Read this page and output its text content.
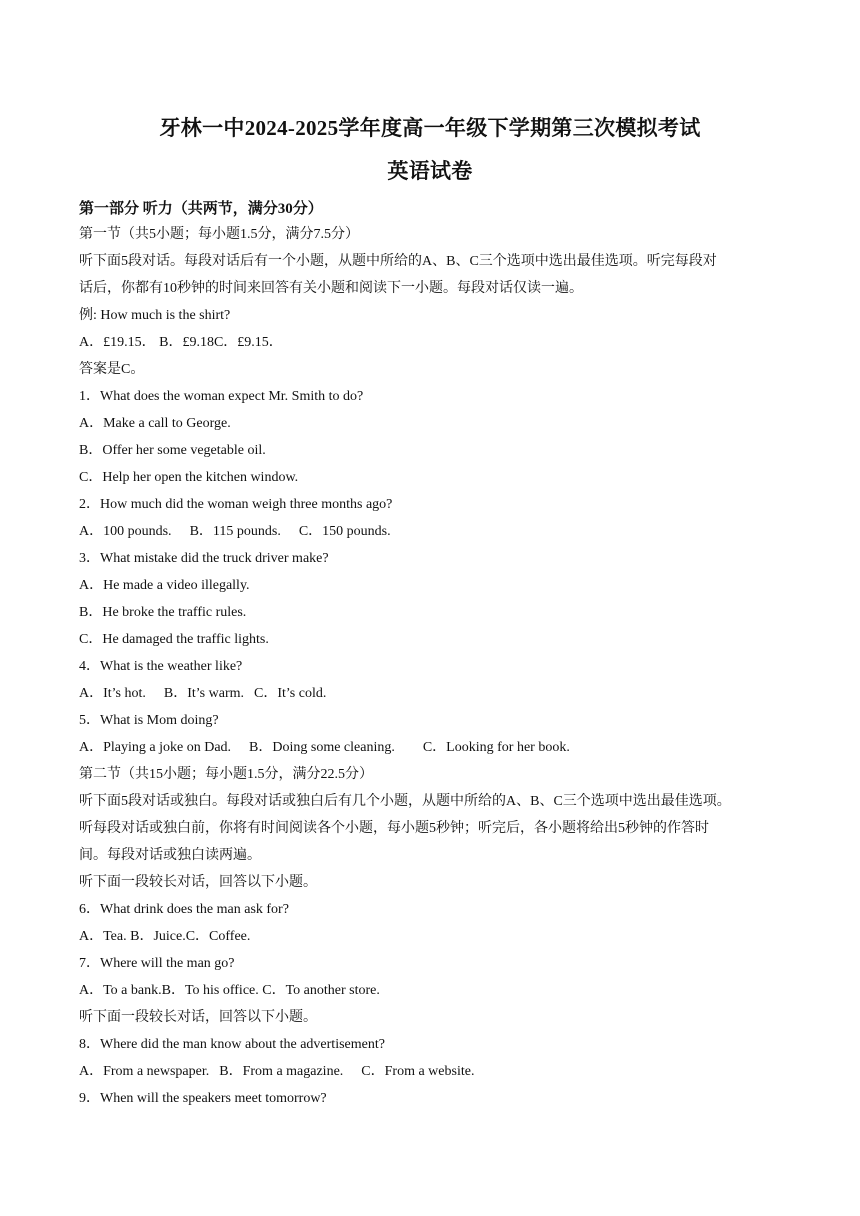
牙林一中2024-2025学年度高一年级下学期第三次模拟考试
英语试卷
第一部分 听力（共两节，满分30分）
第一节（共5小题；每小题1.5分，满分7.5分）
听下面5段对话。每段对话后有一个小题，从题中所给的A、B、C三个选项中选出最佳选项。听完每段对
话后，你都有10秒钟的时间来回答有关小题和阅读下一小题。每段对话仅读一遍。
例: How much is the shirt?
A．£19.15． B．£9.18C．£9.15．
答案是C。
1．What does the woman expect Mr. Smith to do?
A．Make a call to George.
B．Offer her some vegetable oil.
C．Help her open the kitchen window.
2．How much did the woman weigh three months ago?
A．100 pounds. B．115 pounds. C．150 pounds.
3．What mistake did the truck driver make?
A．He made a video illegally.
B．He broke the traffic rules.
C．He damaged the traffic lights.
4．What is the weather like?
A．It’s hot. B．It’s warm. C．It’s cold.
5．What is Mom doing?
A．Playing a joke on Dad. B．Doing some cleaning. C．Looking for her book.
第二节（共15小题；每小题1.5分，满分22.5分）
听下面5段对话或独白。每段对话或独白后有几个小题，从题中所给的A、B、C三个选项中选出最佳选项。
听每段对话或独白前，你将有时间阅读各个小题，每小题5秒钟；听完后，各小题将给出5秒钟的作答时
间。每段对话或独白读两遍。
听下面一段较长对话，回答以下小题。
6．What drink does the man ask for?
A．Tea. B．Juice.C．Coffee.
7．Where will the man go?
A．To a bank.B．To his office. C．To another store.
听下面一段较长对话，回答以下小题。
8．Where did the man know about the advertisement?
A．From a newspaper. B．From a magazine. C．From a website.
9．When will the speakers meet tomorrow?
